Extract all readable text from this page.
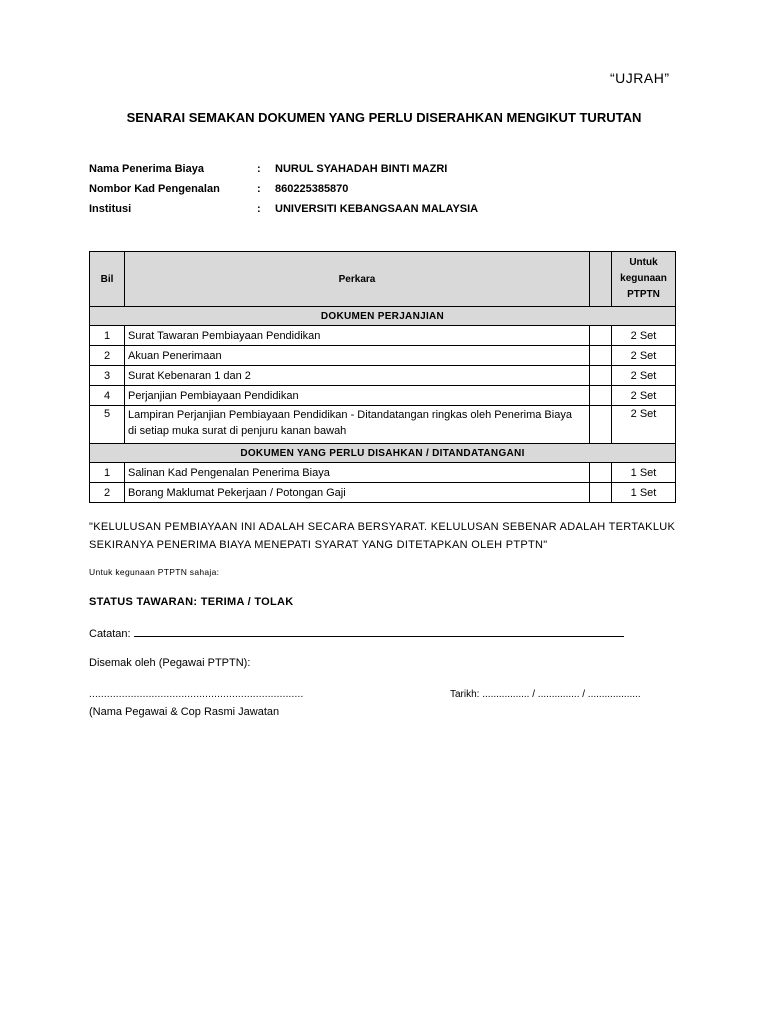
“UJRAH”
SENARAI SEMAKAN DOKUMEN YANG PERLU DISERAHKAN MENGIKUT TURUTAN
Nama Penerima Biaya	: NURUL SYAHADAH BINTI MAZRI
Nombor Kad Pengenalan	: 860225385870
Institusi	: UNIVERSITI KEBANGSAAN MALAYSIA
Bil	Perkara		Untuk
kegunaan
PTPTN

DOKUMEN PERJANJIAN			
1	Surat Tawaran Pembiayaan Pendidikan		2 Set
2	Akuan Penerimaan		2 Set
3	Surat Kebenaran 1 dan 2		2 Set
4	Perjanjian Pembiayaan Pendidikan		2 Set
5	Lampiran Perjanjian Pembiayaan Pendidikan - Ditandatangan ringkas oleh Penerima Biaya
di setiap muka surat di penjuru kanan bawah		2 Set
DOKUMEN YANG PERLU DISAHKAN / DITANDATANGANI			
1	Salinan Kad Pengenalan Penerima Biaya		1 Set
2	Borang Maklumat Pekerjaan / Potongan Gaji		1 Set
"KELULUSAN PEMBIAYAAN INI ADALAH SECARA BERSYARAT. KELULUSAN SEBENAR ADALAH TERTAKLUK
SEKIRANYA PENERIMA BIAYA MENEPATI SYARAT YANG DITETAPKAN OLEH PTPTN"
Untuk kegunaan PTPTN sahaja:
STATUS TAWARAN: TERIMA / TOLAK
Catatan:
Disemak oleh (Pegawai PTPTN):
........................................................................	Tarikh: ................. / ............... / ...................
(Nama Pegawai & Cop Rasmi Jawatan
